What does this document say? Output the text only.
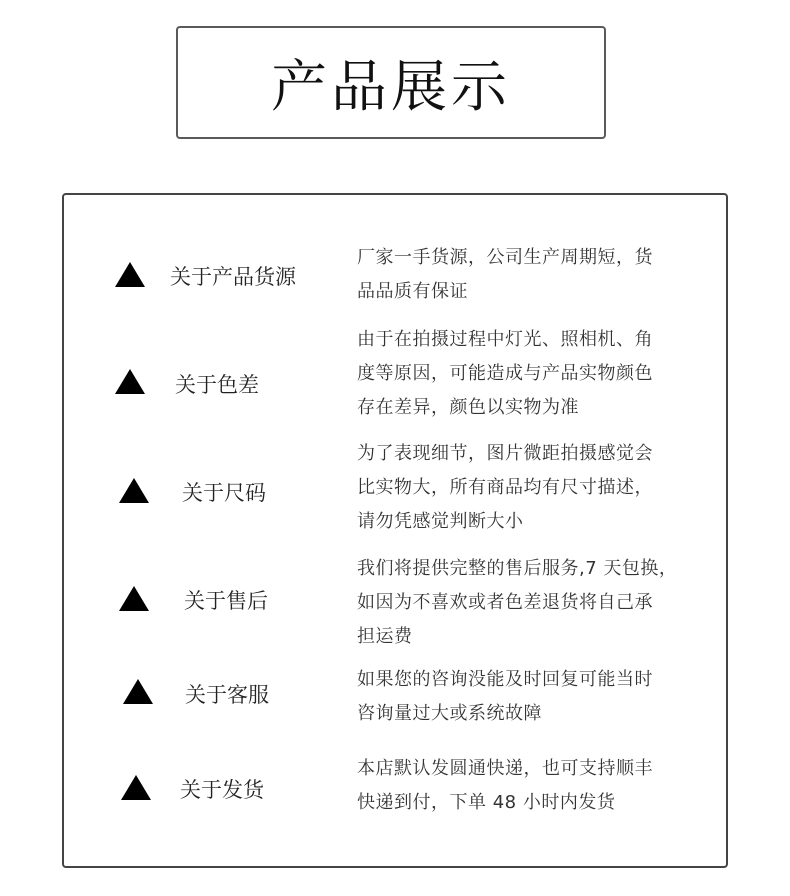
产品展示
关于产品货源
厂家一手货源，公司生产周期短，货
品品质有保证
关于色差
由于在拍摄过程中灯光、照相机、角
度等原因，可能造成与产品实物颜色
存在差异，颜色以实物为准
关于尺码
为了表现细节，图片微距拍摄感觉会
比实物大，所有商品均有尺寸描述，
请勿凭感觉判断大小
关于售后
我们将提供完整的售后服务,7 天包换，
如因为不喜欢或者色差退货将自己承
担运费
关于客服
如果您的咨询没能及时回复可能当时
咨询量过大或系统故障
关于发货
本店默认发圆通快递，也可支持顺丰
快递到付，下单 48 小时内发货
